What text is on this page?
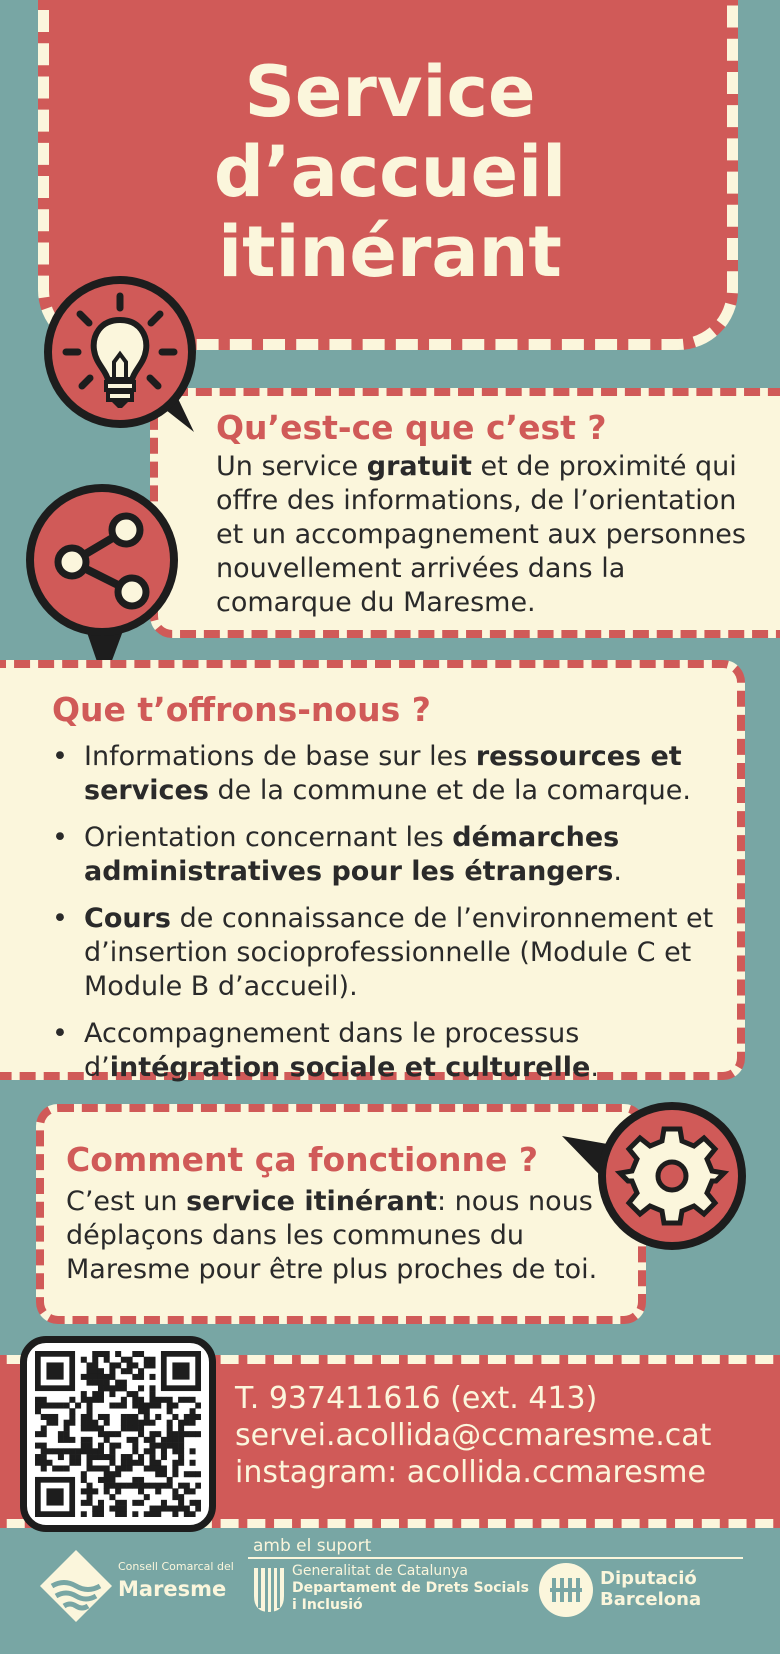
Service
d’accueil
itinérant
Qu’est-ce que c’est ?
Un service gratuit et de proximité qui offre des informations, de l’orientation et un accompagnement aux personnes nouvellement arrivées dans la comarque du Maresme.
Que t’offrons-nous ?
• Informations de base sur les ressources et services de la commune et de la comarque.
• Orientation concernant les démarches administratives pour les étrangers.
• Cours de connaissance de l’environnement et d’insertion socioprofessionnelle (Module C et Module B d’accueil).
• Accompagnement dans le processus d’intégration sociale et culturelle.
Comment ça fonctionne ?
C’est un service itinérant: nous nous déplaçons dans les communes du Maresme pour être plus proches de toi.
T. 937411616 (ext. 413)
servei.acollida@ccmaresme.cat
instagram: acollida.ccmaresme
amb el suport
Consell Comarcal del
Maresme
Generalitat de Catalunya
Departament de Drets Socials
i Inclusió
Diputació
Barcelona
